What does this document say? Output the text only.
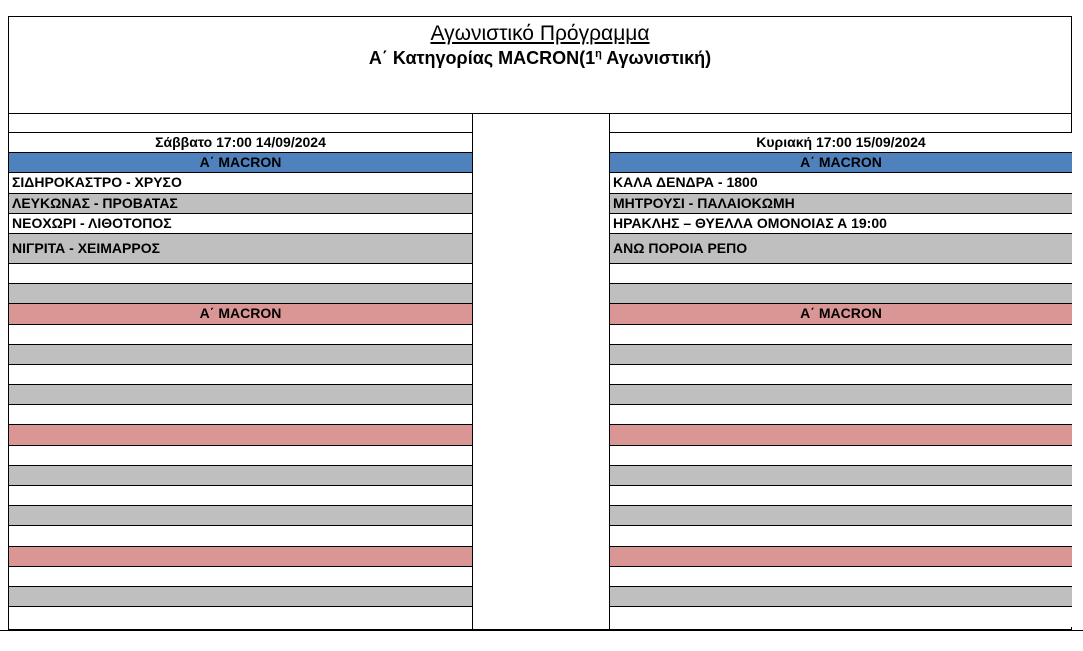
Αγωνιστικό Πρόγραμμα
Α΄ Κατηγορίας $MACRON(1^\eta$ Αγωνιστική)
Σάββατο 17:00 14/09/2024
Α΄ MACRON
ΣΙΔΗΡΟΚΑΣΤΡΟ - ΧΡΥΣΟ
ΛΕΥΚΩΝΑΣ - ΠΡΟΒΑΤΑΣ
ΝΕΟΧΩΡΙ - ΛΙΘΟΤΟΠΟΣ
ΝΙΓΡΙΤΑ - ΧΕΙΜΑΡΡΟΣ
Α΄ MACRON
Κυριακή 17:00 15/09/2024
Α΄ MACRON
ΚΑΛΑ ΔΕΝΔΡΑ - 1800
ΜΗΤΡΟΥΣΙ - ΠΑΛΑΙΟΚΩΜΗ
ΗΡΑΚΛΗΣ – ΘΥΕΛΛΑ ΟΜΟΝΟΙΑΣ Α 19:00
ΑΝΩ ΠΟΡΟΙΑ ΡΕΠΟ
Α΄ MACRON
